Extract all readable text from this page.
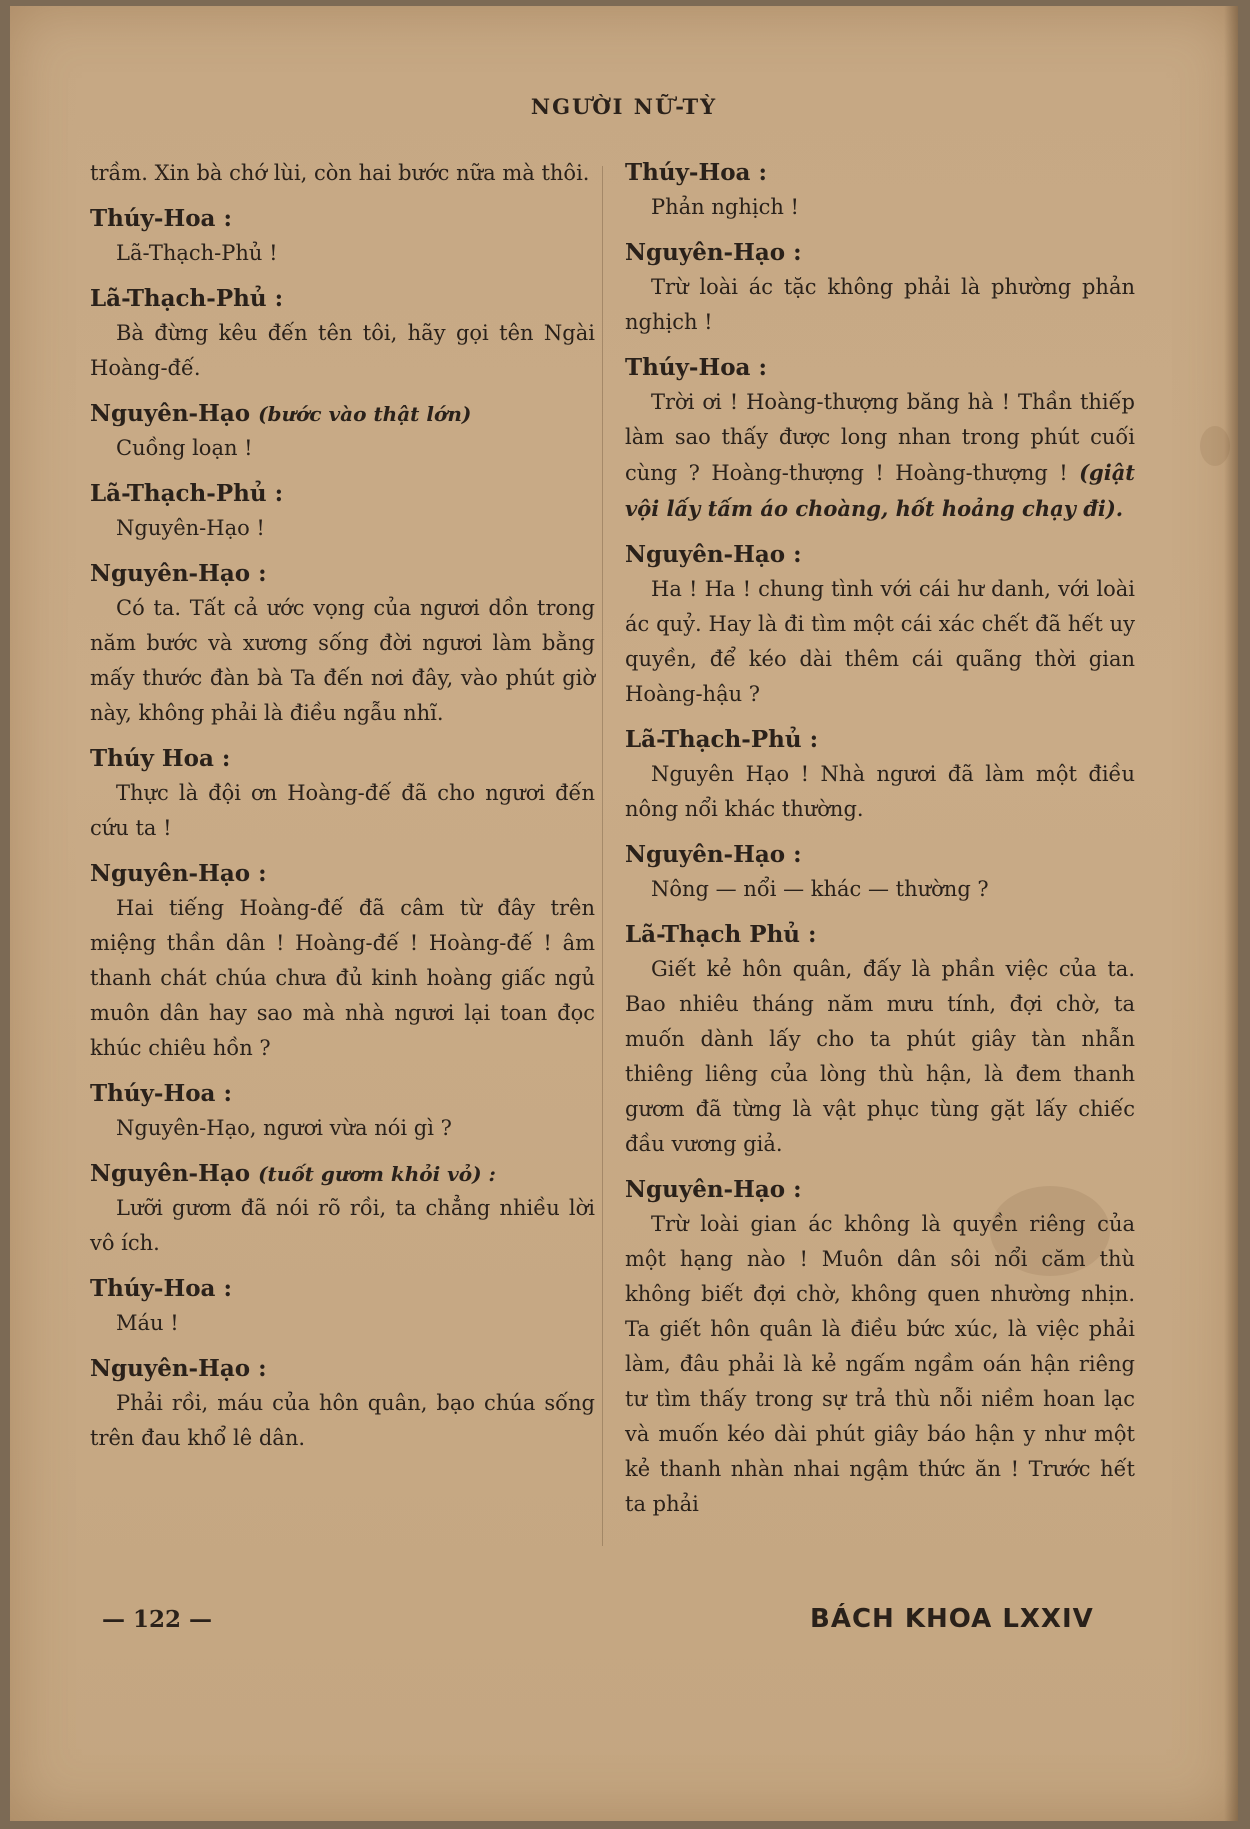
NGƯỜI NỮ-TỲ

trầm. Xin bà chớ lùi, còn hai bước nữa mà thôi.

Thúy-Hoa :

Lã-Thạch-Phủ !

Lã-Thạch-Phủ :

Bà đừng kêu đến tên tôi, hãy gọi tên Ngài Hoàng-đế.

Nguyên-Hạo (bước vào thật lớn)

Cuồng loạn !

Lã-Thạch-Phủ :

Nguyên-Hạo !

Nguyên-Hạo :

Có ta. Tất cả ước vọng của ngươi dồn trong năm bước và xương sống đời ngươi làm bằng mấy thước đàn bà Ta đến nơi đây, vào phút giờ này, không phải là điều ngẫu nhĩ.

Thúy Hoa :

Thực là đội ơn Hoàng-đế đã cho ngươi đến cứu ta !

Nguyên-Hạo :

Hai tiếng Hoàng-đế đã câm từ đây trên miệng thần dân ! Hoàng-đế ! Hoàng-đế ! âm thanh chát chúa chưa đủ kinh hoàng giấc ngủ muôn dân hay sao mà nhà ngươi lại toan đọc khúc chiêu hồn ?

Thúy-Hoa :

Nguyên-Hạo, ngươi vừa nói gì ?

Nguyên-Hạo (tuốt gươm khỏi vỏ) :

Lưỡi gươm đã nói rõ rồi, ta chẳng nhiều lời vô ích.

Thúy-Hoa :

Máu !

Nguyên-Hạo :

Phải rồi, máu của hôn quân, bạo chúa sống trên đau khổ lê dân.

Thúy-Hoa :

Phản nghịch !

Nguyên-Hạo :

Trừ loài ác tặc không phải là phường phản nghịch !

Thúy-Hoa :

Trời ơi ! Hoàng-thượng băng hà ! Thần thiếp làm sao thấy được long nhan trong phút cuối cùng ? Hoàng-thượng ! Hoàng-thượng ! (giật vội lấy tấm áo choàng, hốt hoảng chạy đi).

Nguyên-Hạo :

Ha ! Ha ! chung tình với cái hư danh, với loài ác quỷ. Hay là đi tìm một cái xác chết đã hết uy quyền, để kéo dài thêm cái quãng thời gian Hoàng-hậu ?

Lã-Thạch-Phủ :

Nguyên Hạo ! Nhà ngươi đã làm một điều nông nổi khác thường.

Nguyên-Hạo :

Nông — nổi — khác — thường ?

Lã-Thạch Phủ :

Giết kẻ hôn quân, đấy là phần việc của ta. Bao nhiêu tháng năm mưu tính, đợi chờ, ta muốn dành lấy cho ta phút giây tàn nhẫn thiêng liêng của lòng thù hận, là đem thanh gươm đã từng là vật phục tùng gặt lấy chiếc đầu vương giả.

Nguyên-Hạo :

Trừ loài gian ác không là quyền riêng của một hạng nào ! Muôn dân sôi nổi căm thù không biết đợi chờ, không quen nhường nhịn. Ta giết hôn quân là điều bức xúc, là việc phải làm, đâu phải là kẻ ngấm ngầm oán hận riêng tư tìm thấy trong sự trả thù nỗi niềm hoan lạc và muốn kéo dài phút giây báo hận y như một kẻ thanh nhàn nhai ngậm thức ăn ! Trước hết ta phải

— 122 —	BÁCH KHOA LXXIV
